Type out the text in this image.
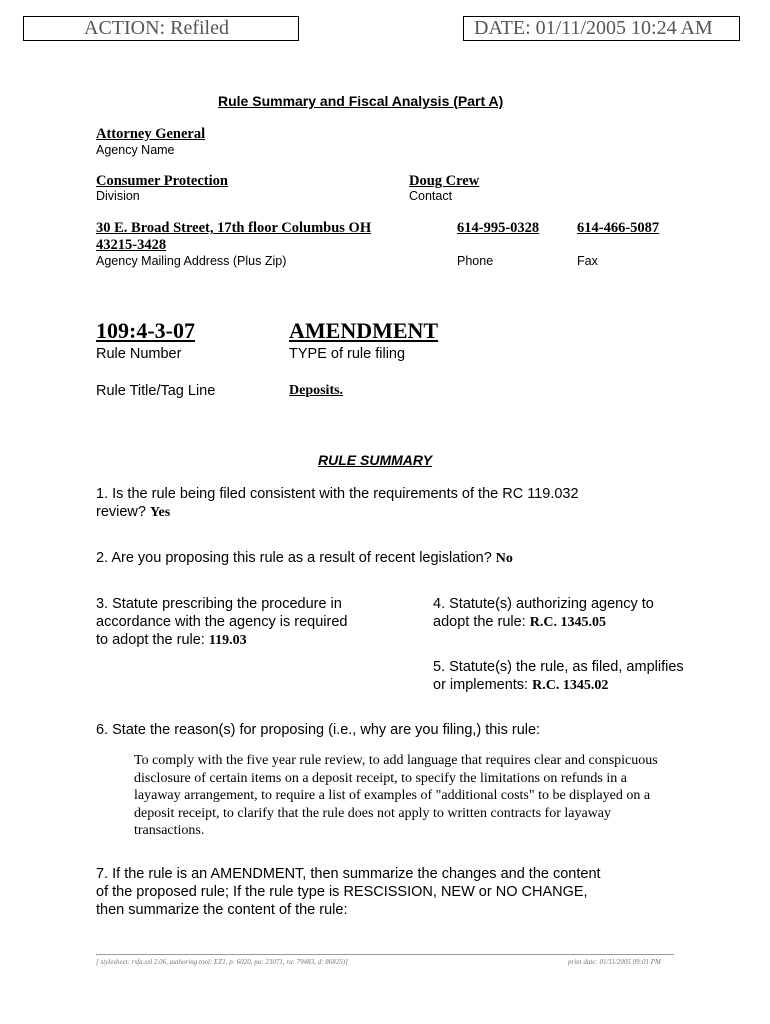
ACTION: Refiled	DATE: 01/11/2005 10:24 AM
Rule Summary and Fiscal Analysis (Part A)
Attorney General
Agency Name
Consumer Protection
Division
Doug Crew
Contact
30 E. Broad Street, 17th floor Columbus OH
43215-3428
Agency Mailing Address (Plus Zip)
614-995-0328
Phone
614-466-5087
Fax
109:4-3-07
Rule Number
AMENDMENT
TYPE of rule filing
Rule Title/Tag Line	Deposits.
RULE SUMMARY
1. Is the rule being filed consistent with the requirements of the RC 119.032
review? Yes
2. Are you proposing this rule as a result of recent legislation? No
3. Statute prescribing the procedure in
accordance with the agency is required
to adopt the rule: 119.03
4. Statute(s) authorizing agency to
adopt the rule: R.C. 1345.05
5. Statute(s) the rule, as filed, amplifies
or implements: R.C. 1345.02
6. State the reason(s) for proposing (i.e., why are you filing,) this rule:
To comply with the five year rule review, to add language that requires clear and conspicuous disclosure of certain items on a deposit receipt, to specify the limitations on refunds in a layaway arrangement, to require a list of examples of "additional costs" to be displayed on a deposit receipt, to clarify that the rule does not apply to written contracts for layaway transactions.
7. If the rule is an AMENDMENT, then summarize the changes and the content
of the proposed rule; If the rule type is RESCISSION, NEW or NO CHANGE,
then summarize the content of the rule:
[ stylesheet: rsfa.xsl 2.06, authoring tool: EZ1, p: 6020, pa: 23071, ra: 79483, d: 86825)]	print date: 01/11/2005 09:01 PM
